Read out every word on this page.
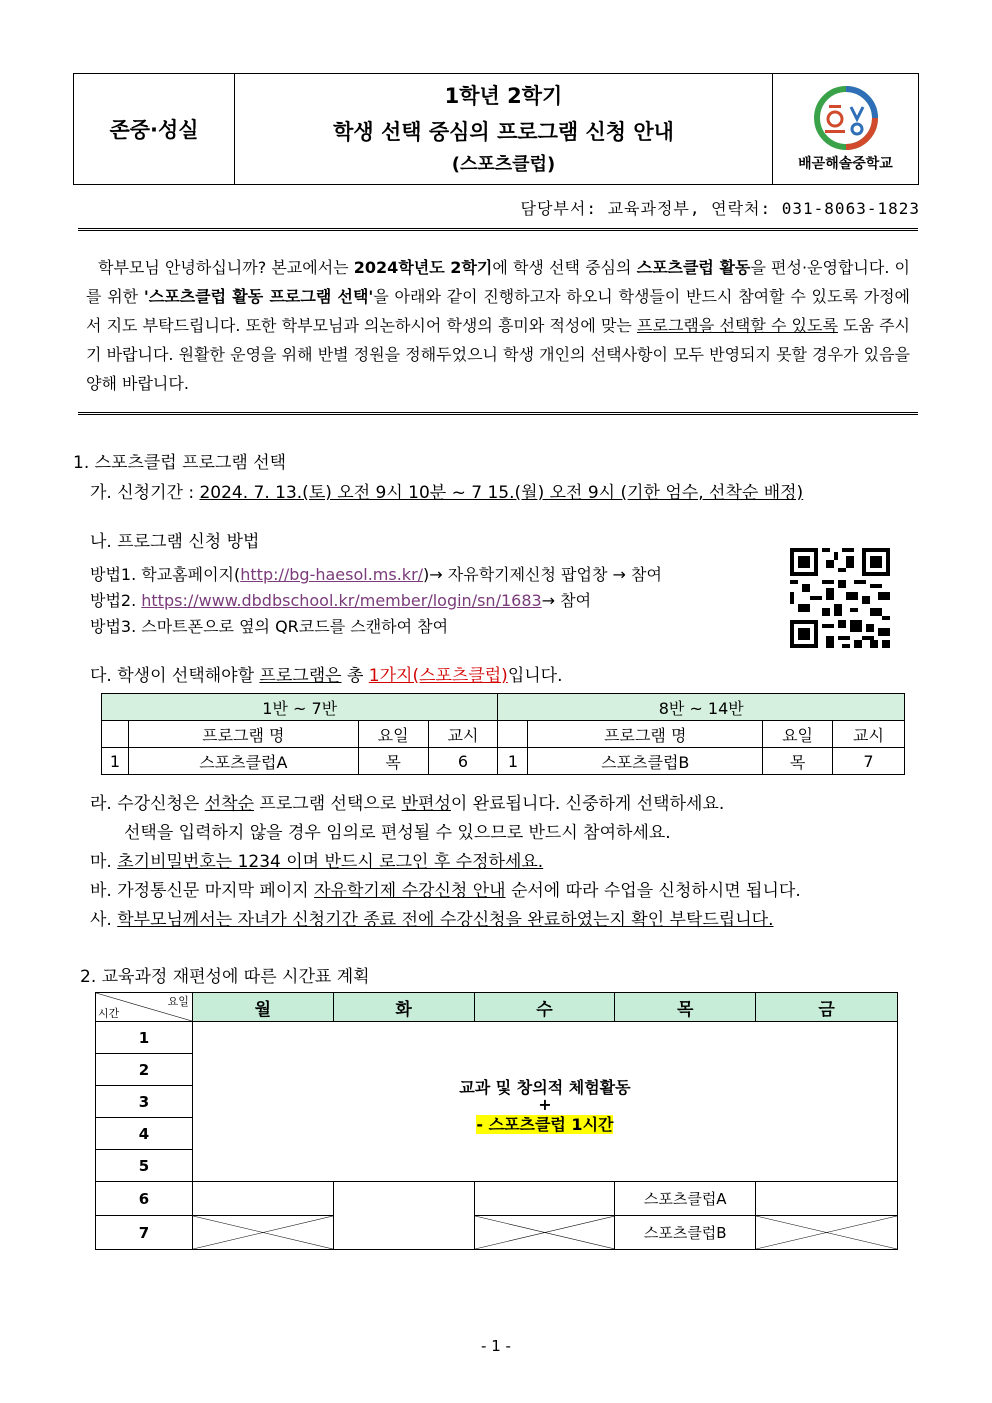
존중·성실
1학년 2학기
학생 선택 중심의 프로그램 신청 안내
(스포츠클럽)	배곧해솔중학교
담당부서: 교육과정부, 연락처: 031-8063-1823

학부모님 안녕하십니까? 본교에서는 2024학년도 2학기에 학생 선택 중심의 스포츠클럽 활동을 편성·운영합니다. 이를 위한 '스포츠클럽 활동 프로그램 선택'을 아래와 같이 진행하고자 하오니 학생들이 반드시 참여할 수 있도록 가정에서 지도 부탁드립니다. 또한 학부모님과 의논하시어 학생의 흥미와 적성에 맞는 프로그램을 선택할 수 있도록 도움 주시기 바랍니다. 원활한 운영을 위해 반별 정원을 정해두었으니 학생 개인의 선택사항이 모두 반영되지 못할 경우가 있음을 양해 바랍니다.

1. 스포츠클럽 프로그램 선택
가. 신청기간 : 2024. 7. 13.(토) 오전 9시 10분 ~ 7 15.(월) 오전 9시 (기한 엄수, 선착순 배정)
나. 프로그램 신청 방법
방법1. 학교홈페이지(http://bg-haesol.ms.kr/)→ 자유학기제신청 팝업창 → 참여
방법2. https://www.dbdbschool.kr/member/login/sn/1683→ 참여
방법3. 스마트폰으로 옆의 QR코드를 스캔하여 참여
다. 학생이 선택해야할 프로그램은 총 1가지(스포츠클럽)입니다.
1반 ~ 7반				8반 ~ 14반			
	프로그램 명	요일	교시		프로그램 명	요일	교시
1	스포츠클럽A	목	6	1	스포츠클럽B	목	7
라. 수강신청은 선착순 프로그램 선택으로 반편성이 완료됩니다. 신중하게 선택하세요.
선택을 입력하지 않을 경우 임의로 편성될 수 있으므로 반드시 참여하세요.
마. 초기비밀번호는 1234 이며 반드시 로그인 후 수정하세요.
바. 가정통신문 마지막 페이지 자유학기제 수강신청 안내 순서에 따라 수업을 신청하시면 됩니다.
사. 학부모님께서는 자녀가 신청기간 종료 전에 수강신청을 완료하였는지 확인 부탁드립니다.
2. 교육과정 재편성에 따른 시간표 계획
요일
시간	월	화	수	목	금
1	교과 및 창의적 체험활동
+
- 스포츠클럽 1시간				

2					
3					
4					
5					
6				스포츠클럽A	
7				스포츠클럽B	
- 1 -
